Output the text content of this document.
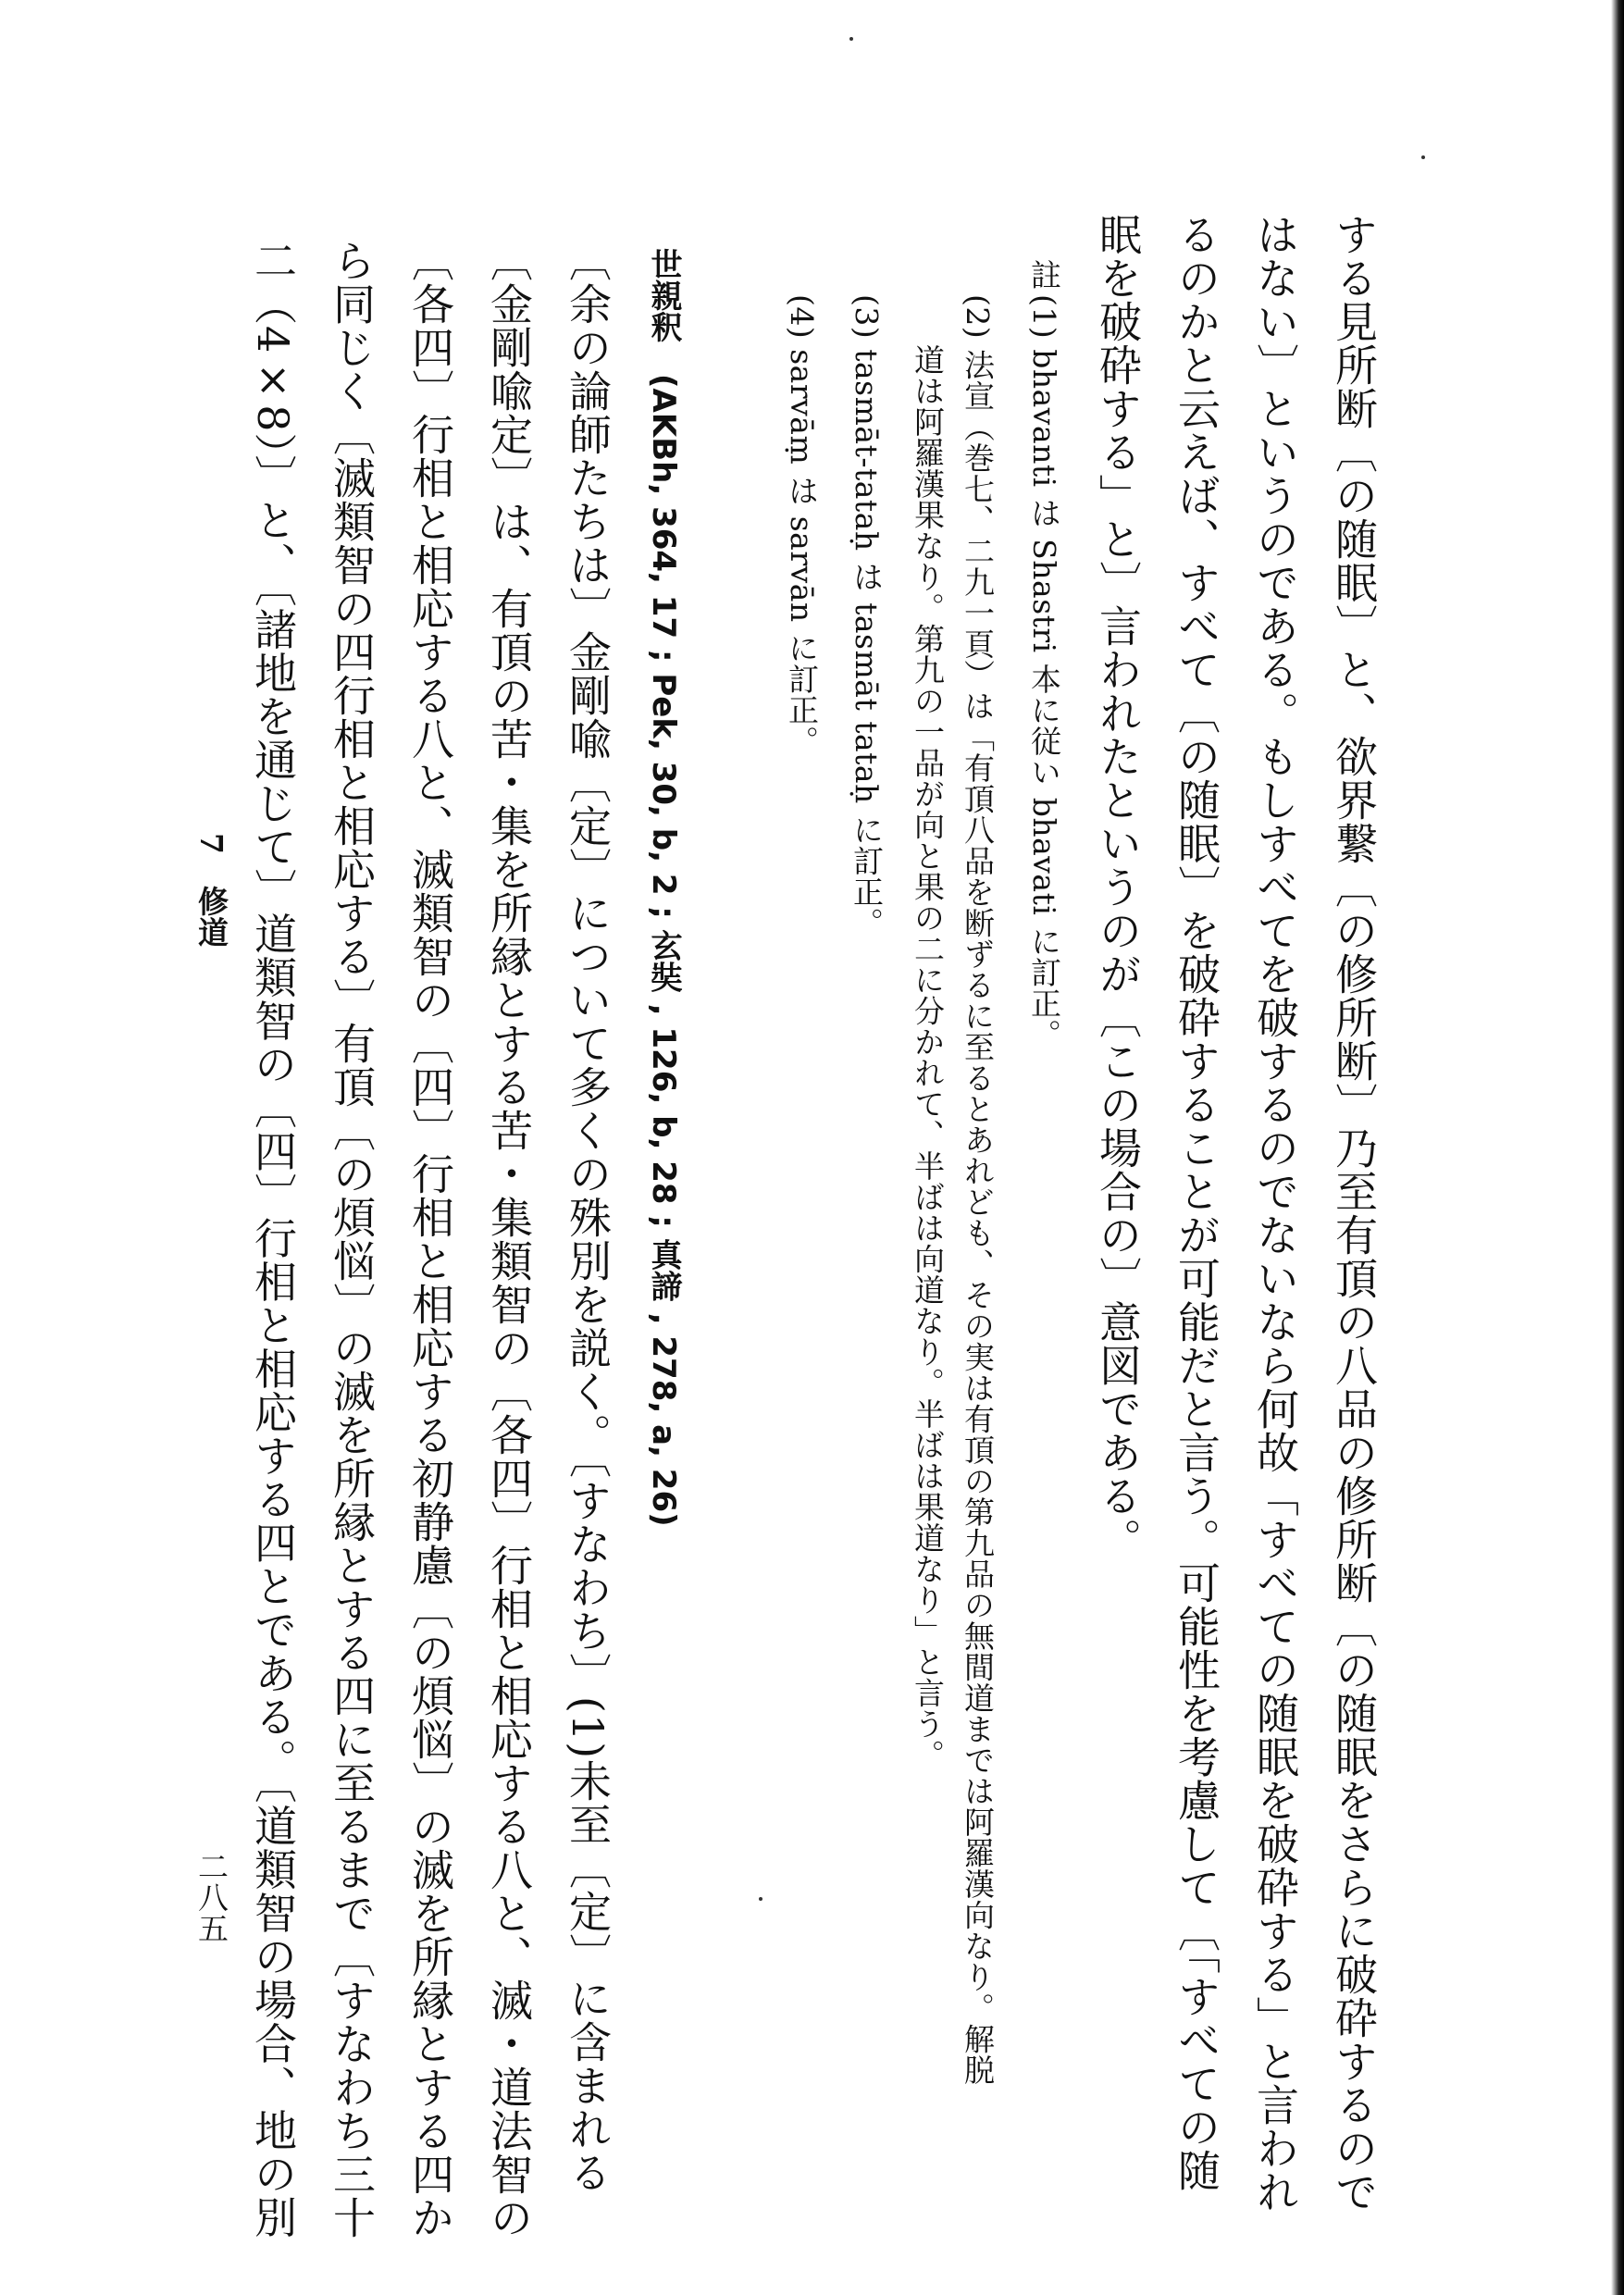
する見所断〔の随眠〕と、欲界繋〔の修所断〕乃至有頂の八品の修所断〔の随眠をさらに破砕するので
はない〕というのである。もしすべてを破するのでないなら何故「すべての随眠を破砕する」と言われ
るのかと云えば、すべて〔の随眠〕を破砕することが可能だと言う。可能性を考慮して〔「すべての随
眠を破砕する」と〕言われたというのが〔この場合の〕意図である。
註
(1) bhavanti は Shastri 本に従い bhavati に訂正。
(2) 法宣（巻七、二九一頁）は「有頂八品を断ずるに至るとあれども、その実は有頂の第九品の無間道までは阿羅漢向なり。解脱
道は阿羅漢果なり。第九の一品が向と果の二に分かれて、半ばは向道なり。半ばは果道なり」と言う。
(3) tasmāt-tataḥ は tasmāt tataḥ に訂正。
(4) sarvāṃ は sarvān に訂正。
世親釈　(AKBh, 364, 17 ; Pek, 30, b, 2 ; 玄奘 , 126, b, 28 ; 真諦 , 278, a, 26)
〔余の論師たちは〕金剛喩〔定〕について多くの殊別を説く。〔すなわち〕(1)未至〔定〕に含まれる
〔金剛喩定〕は、有頂の苦・集を所縁とする苦・集類智の〔各四〕行相と相応する八と、滅・道法智の
〔各四〕行相と相応する八と、滅類智の〔四〕行相と相応する初静慮〔の煩悩〕の滅を所縁とする四か
ら同じく〔滅類智の四行相と相応する〕有頂〔の煩悩〕の滅を所縁とする四に至るまで〔すなわち三十
二（4×8）〕と、〔諸地を通じて〕道類智の〔四〕行相と相応する四とである。〔道類智の場合、地の別
7　修道
二八五
